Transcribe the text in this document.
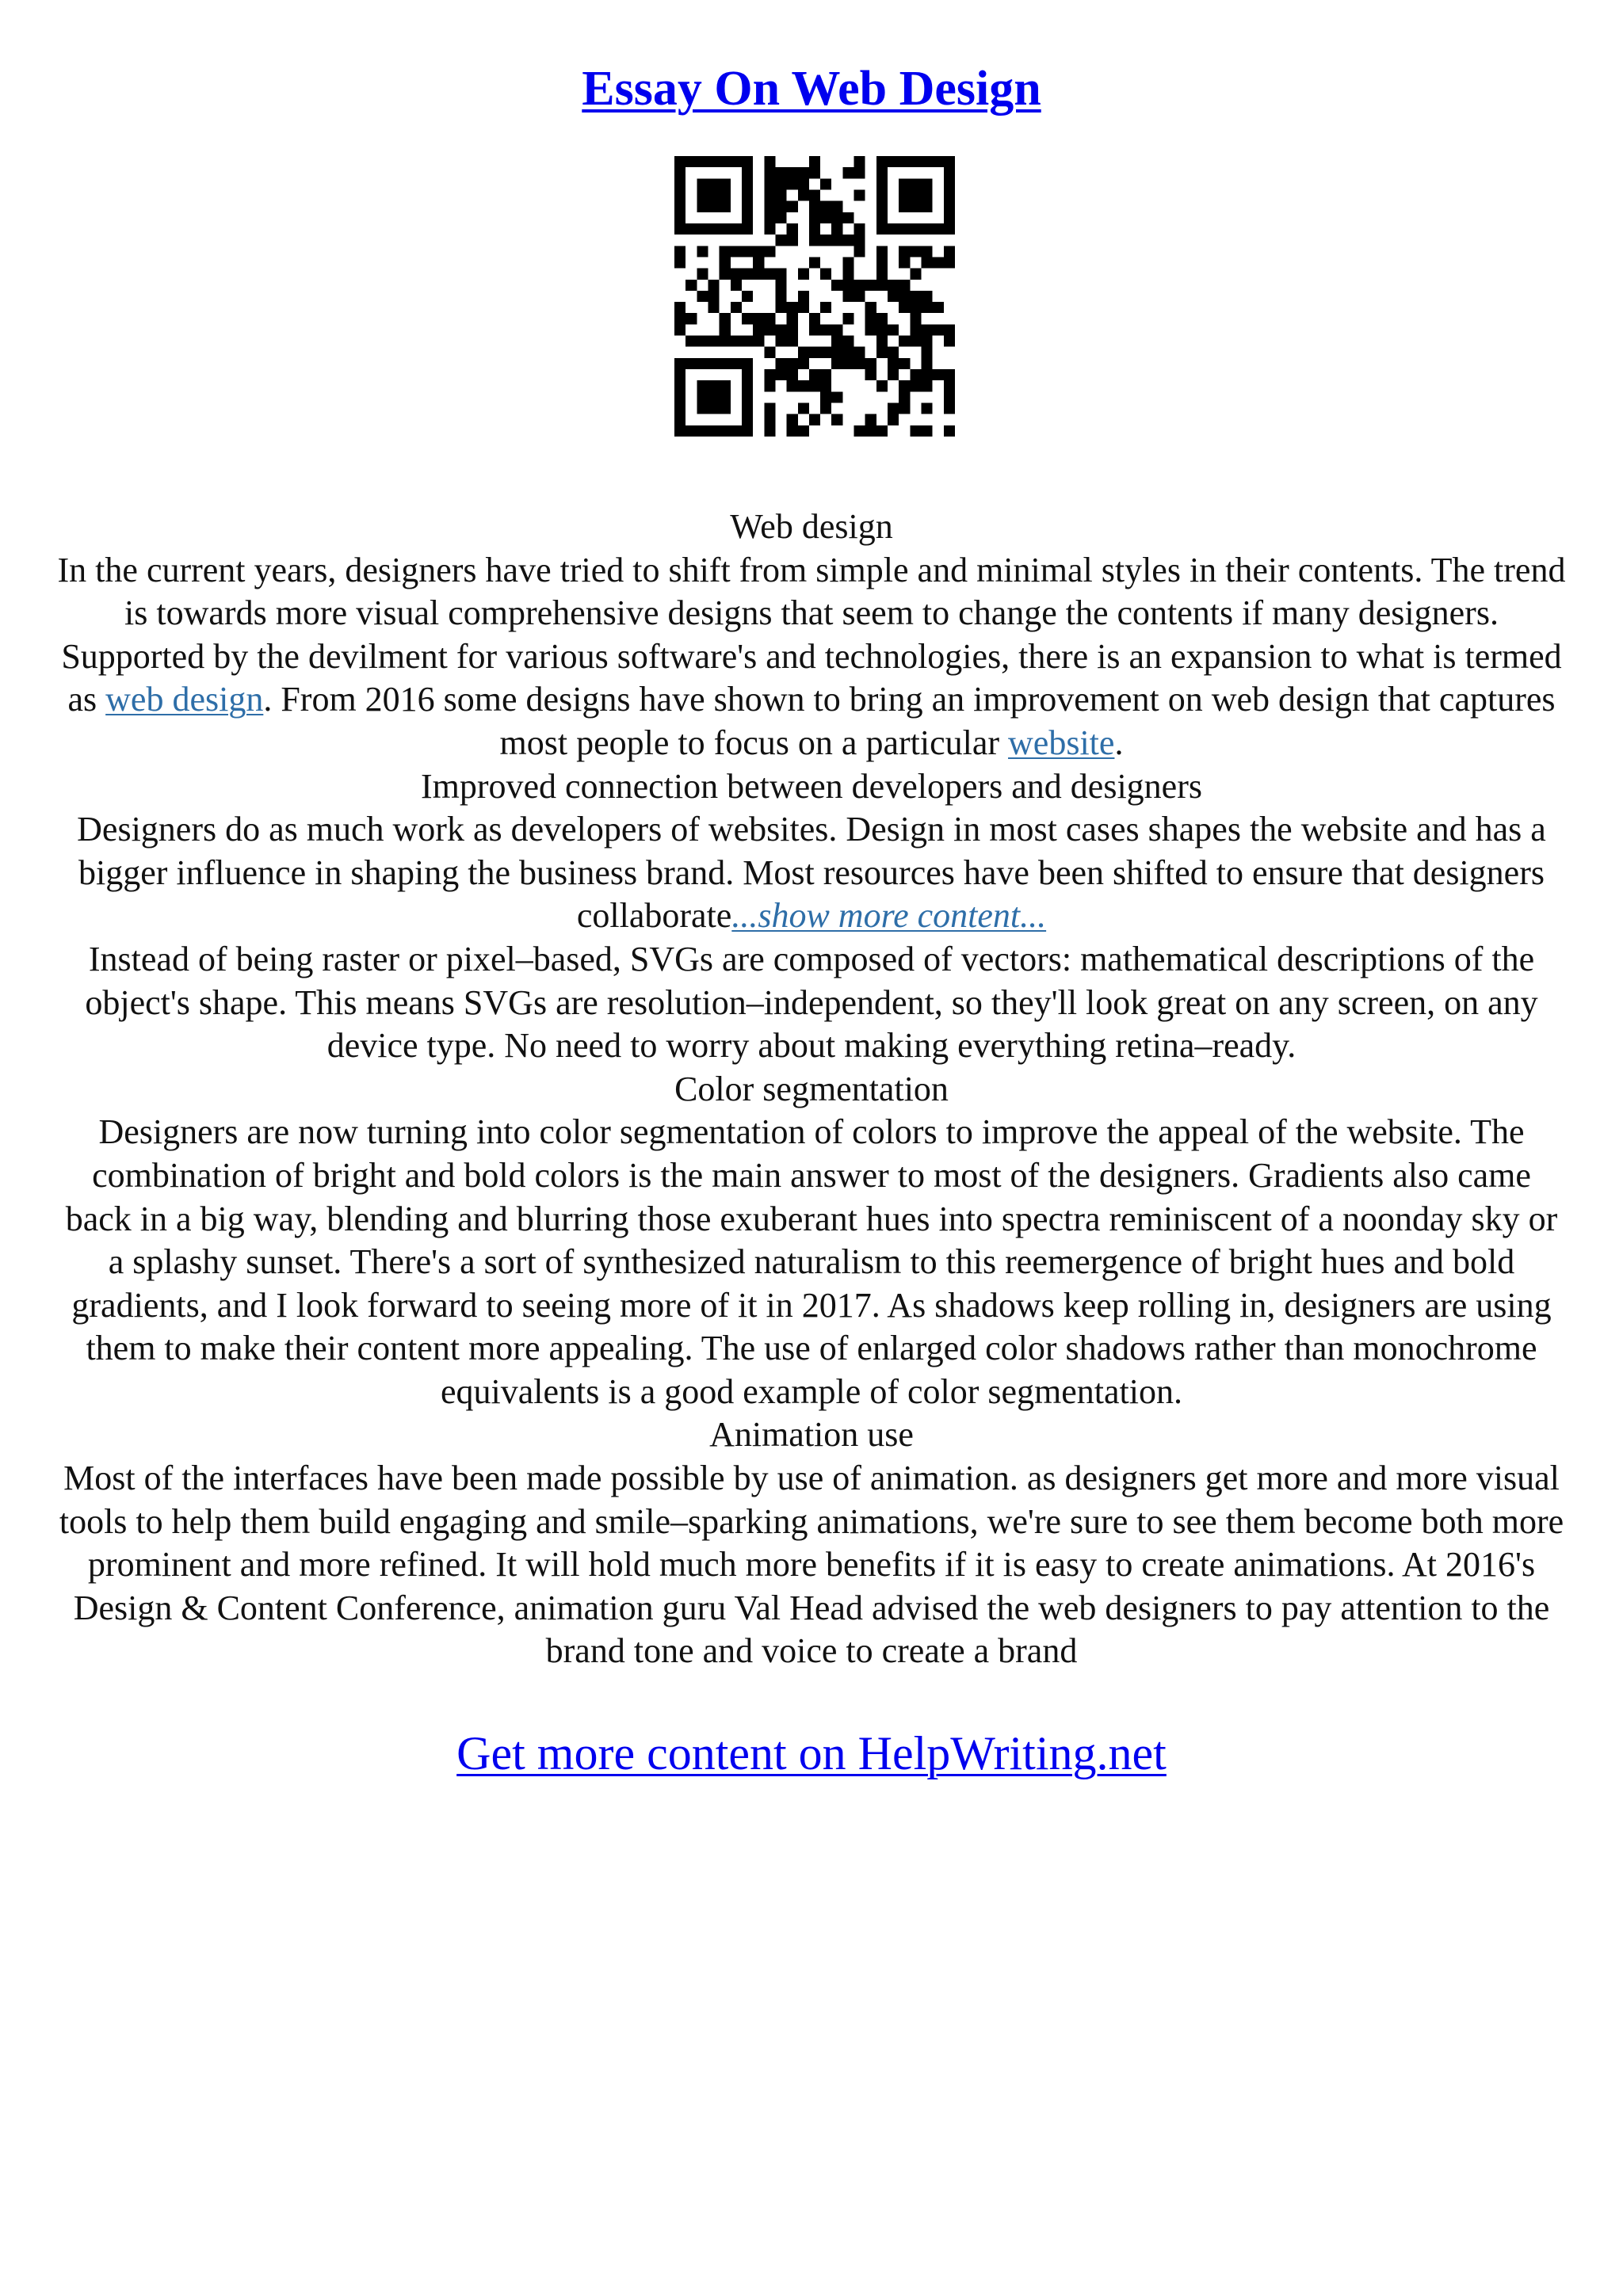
Essay On Web Design

Web design

In the current years, designers have tried to shift from simple and minimal styles in their contents. The trend is towards more visual comprehensive designs that seem to change the contents if many designers. Supported by the devilment for various software's and technologies, there is an expansion to what is termed as web design. From 2016 some designs have shown to bring an improvement on web design that captures most people to focus on a particular website.

Improved connection between developers and designers

Designers do as much work as developers of websites. Design in most cases shapes the website and has a bigger influence in shaping the business brand. Most resources have been shifted to ensure that designers collaborate...show more content...

Instead of being raster or pixel–based, SVGs are composed of vectors: mathematical descriptions of the object's shape. This means SVGs are resolution–independent, so they'll look great on any screen, on any device type. No need to worry about making everything retina–ready.

Color segmentation

Designers are now turning into color segmentation of colors to improve the appeal of the website. The combination of bright and bold colors is the main answer to most of the designers. Gradients also came back in a big way, blending and blurring those exuberant hues into spectra reminiscent of a noonday sky or a splashy sunset. There's a sort of synthesized naturalism to this reemergence of bright hues and bold gradients, and I look forward to seeing more of it in 2017. As shadows keep rolling in, designers are using them to make their content more appealing. The use of enlarged color shadows rather than monochrome equivalents is a good example of color segmentation.

Animation use

Most of the interfaces have been made possible by use of animation. as designers get more and more visual tools to help them build engaging and smile–sparking animations, we're sure to see them become both more prominent and more refined. It will hold much more benefits if it is easy to create animations. At 2016's Design & Content Conference, animation guru Val Head advised the web designers to pay attention to the brand tone and voice to create a brand

Get more content on HelpWriting.net
